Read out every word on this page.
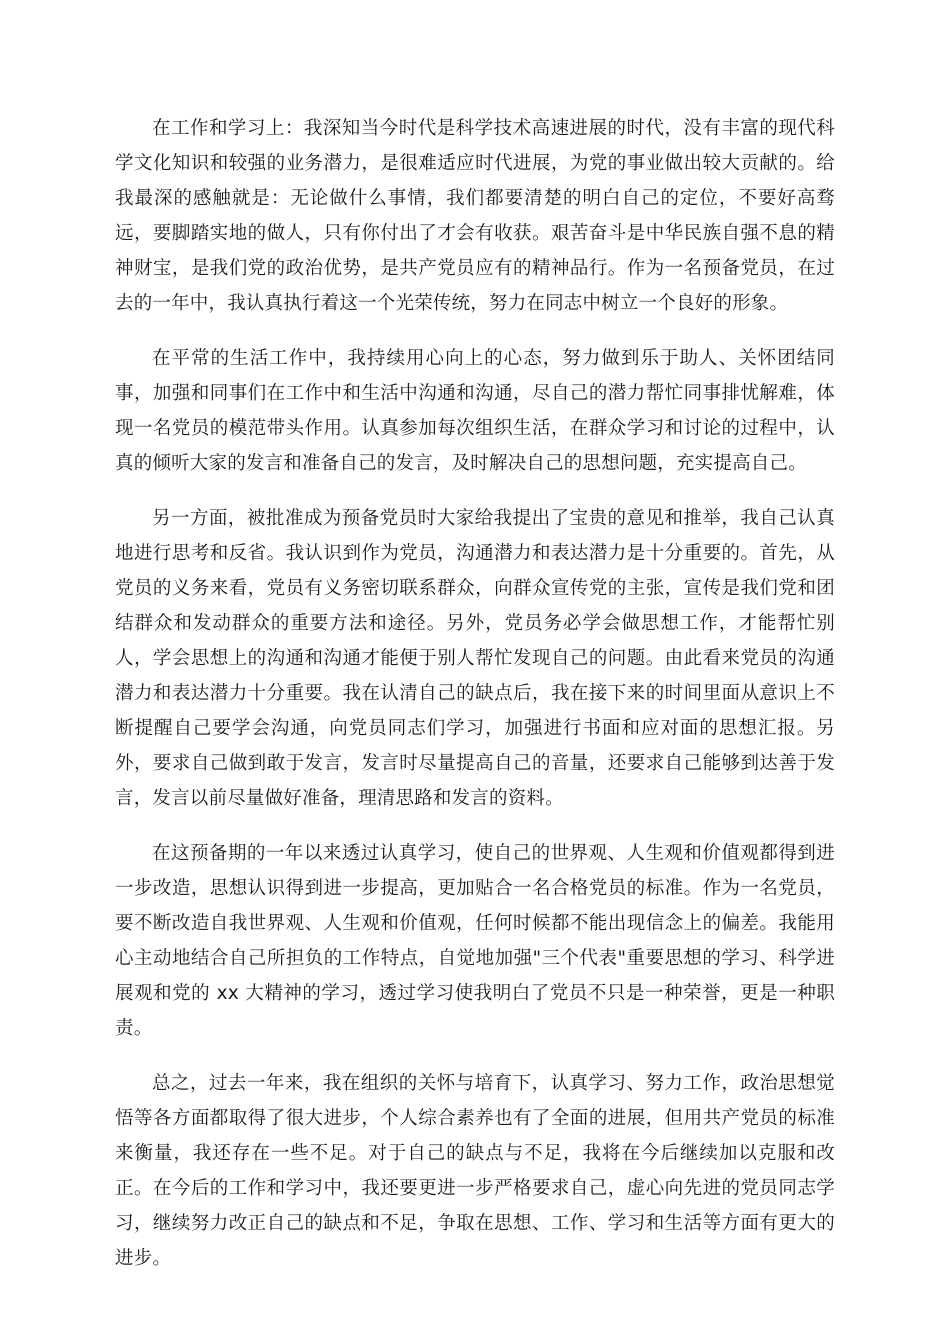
在工作和学习上：我深知当今时代是科学技术高速进展的时代，没有丰富的现代科学文化知识和较强的业务潜力，是很难适应时代进展，为党的事业做出较大贡献的。给我最深的感触就是：无论做什么事情，我们都要清楚的明白自己的定位，不要好高骛远，要脚踏实地的做人，只有你付出了才会有收获。艰苦奋斗是中华民族自强不息的精神财宝，是我们党的政治优势，是共产党员应有的精神品行。作为一名预备党员，在过去的一年中，我认真执行着这一个光荣传统，努力在同志中树立一个良好的形象。

在平常的生活工作中，我持续用心向上的心态，努力做到乐于助人、关怀团结同事，加强和同事们在工作中和生活中沟通和沟通，尽自己的潜力帮忙同事排忧解难，体现一名党员的模范带头作用。认真参加每次组织生活，在群众学习和讨论的过程中，认真的倾听大家的发言和准备自己的发言，及时解决自己的思想问题，充实提高自己。

另一方面，被批准成为预备党员时大家给我提出了宝贵的意见和推举，我自己认真地进行思考和反省。我认识到作为党员，沟通潜力和表达潜力是十分重要的。首先，从党员的义务来看，党员有义务密切联系群众，向群众宣传党的主张，宣传是我们党和团结群众和发动群众的重要方法和途径。另外，党员务必学会做思想工作，才能帮忙别人，学会思想上的沟通和沟通才能便于别人帮忙发现自己的问题。由此看来党员的沟通潜力和表达潜力十分重要。我在认清自己的缺点后，我在接下来的时间里面从意识上不断提醒自己要学会沟通，向党员同志们学习，加强进行书面和应对面的思想汇报。另外，要求自己做到敢于发言，发言时尽量提高自己的音量，还要求自己能够到达善于发言，发言以前尽量做好准备，理清思路和发言的资料。

在这预备期的一年以来透过认真学习，使自己的世界观、人生观和价值观都得到进一步改造，思想认识得到进一步提高，更加贴合一名合格党员的标准。作为一名党员，要不断改造自我世界观、人生观和价值观，任何时候都不能出现信念上的偏差。我能用心主动地结合自己所担负的工作特点，自觉地加强"三个代表"重要思想的学习、科学进展观和党的 xx 大精神的学习，透过学习使我明白了党员不只是一种荣誉，更是一种职责。

总之，过去一年来，我在组织的关怀与培育下，认真学习、努力工作，政治思想觉悟等各方面都取得了很大进步，个人综合素养也有了全面的进展，但用共产党员的标准来衡量，我还存在一些不足。对于自己的缺点与不足，我将在今后继续加以克服和改正。在今后的工作和学习中，我还要更进一步严格要求自己，虚心向先进的党员同志学习，继续努力改正自己的缺点和不足，争取在思想、工作、学习和生活等方面有更大的进步。
